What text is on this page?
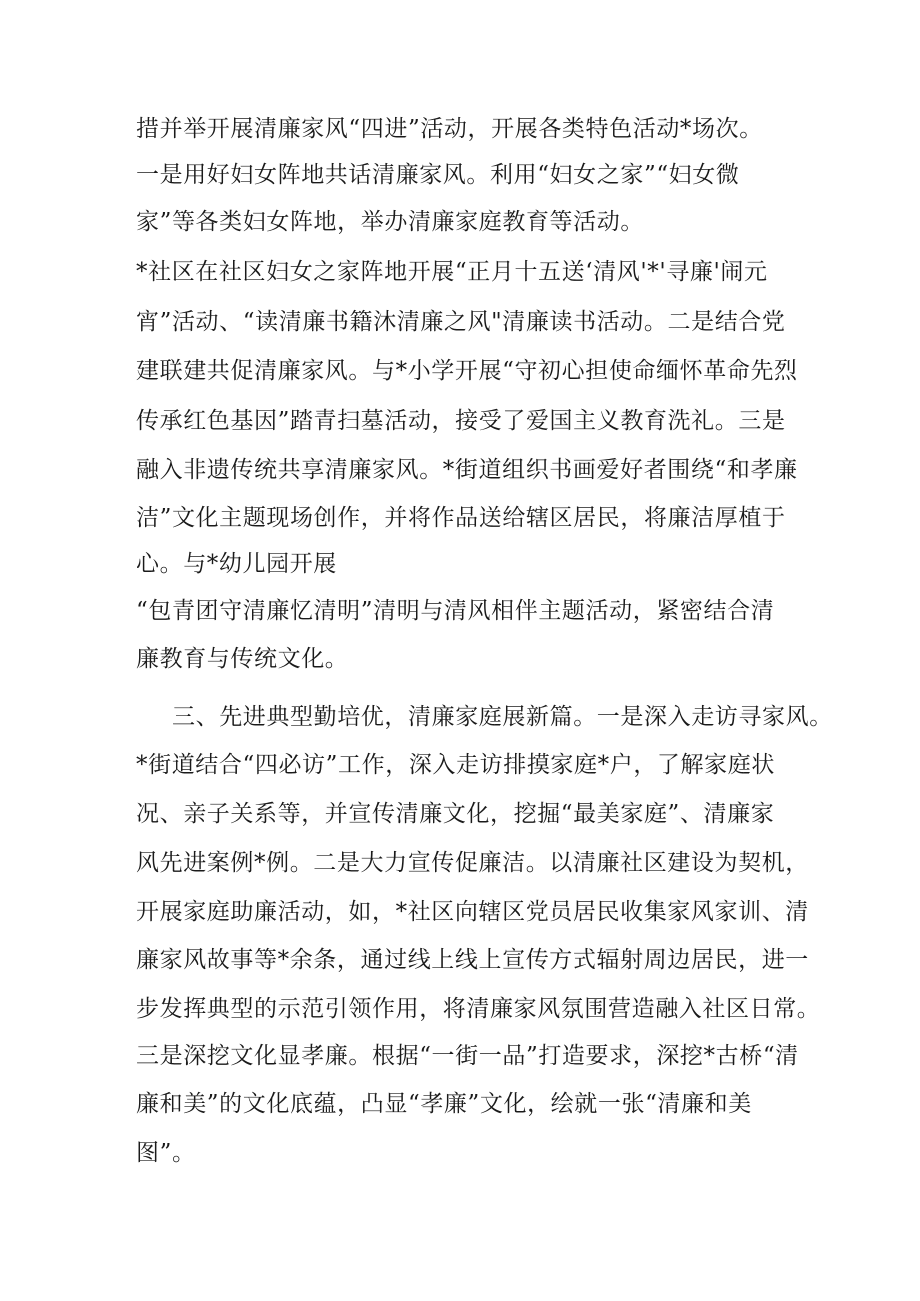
措并举开展清廉家风“四进”活动，开展各类特色活动*场次。
一是用好妇女阵地共话清廉家风。利用“妇女之家”“妇女微
家”等各类妇女阵地，举办清廉家庭教育等活动。
*社区在社区妇女之家阵地开展“正月十五送‘清风'*'寻廉'闹元
宵”活动、“读清廉书籍沐清廉之风"清廉读书活动。二是结合党
建联建共促清廉家风。与*小学开展“守初心担使命缅怀革命先烈
传承红色基因”踏青扫墓活动，接受了爱国主义教育洗礼。三是
融入非遗传统共享清廉家风。*街道组织书画爱好者围绕“和孝廉
洁”文化主题现场创作，并将作品送给辖区居民，将廉洁厚植于
心。与*幼儿园开展
“包青团守清廉忆清明”清明与清风相伴主题活动，紧密结合清
廉教育与传统文化。
三、先进典型勤培优，清廉家庭展新篇。一是深入走访寻家风。
*街道结合“四必访”工作，深入走访排摸家庭*户，了解家庭状
况、亲子关系等，并宣传清廉文化，挖掘“最美家庭”、清廉家
风先进案例*例。二是大力宣传促廉洁。以清廉社区建设为契机，
开展家庭助廉活动，如，*社区向辖区党员居民收集家风家训、清
廉家风故事等*余条，通过线上线上宣传方式辐射周边居民，进一
步发挥典型的示范引领作用，将清廉家风氛围营造融入社区日常。
三是深挖文化显孝廉。根据“一街一品”打造要求，深挖*古桥“清
廉和美”的文化底蕴，凸显“孝廉”文化，绘就一张“清廉和美
图”。
